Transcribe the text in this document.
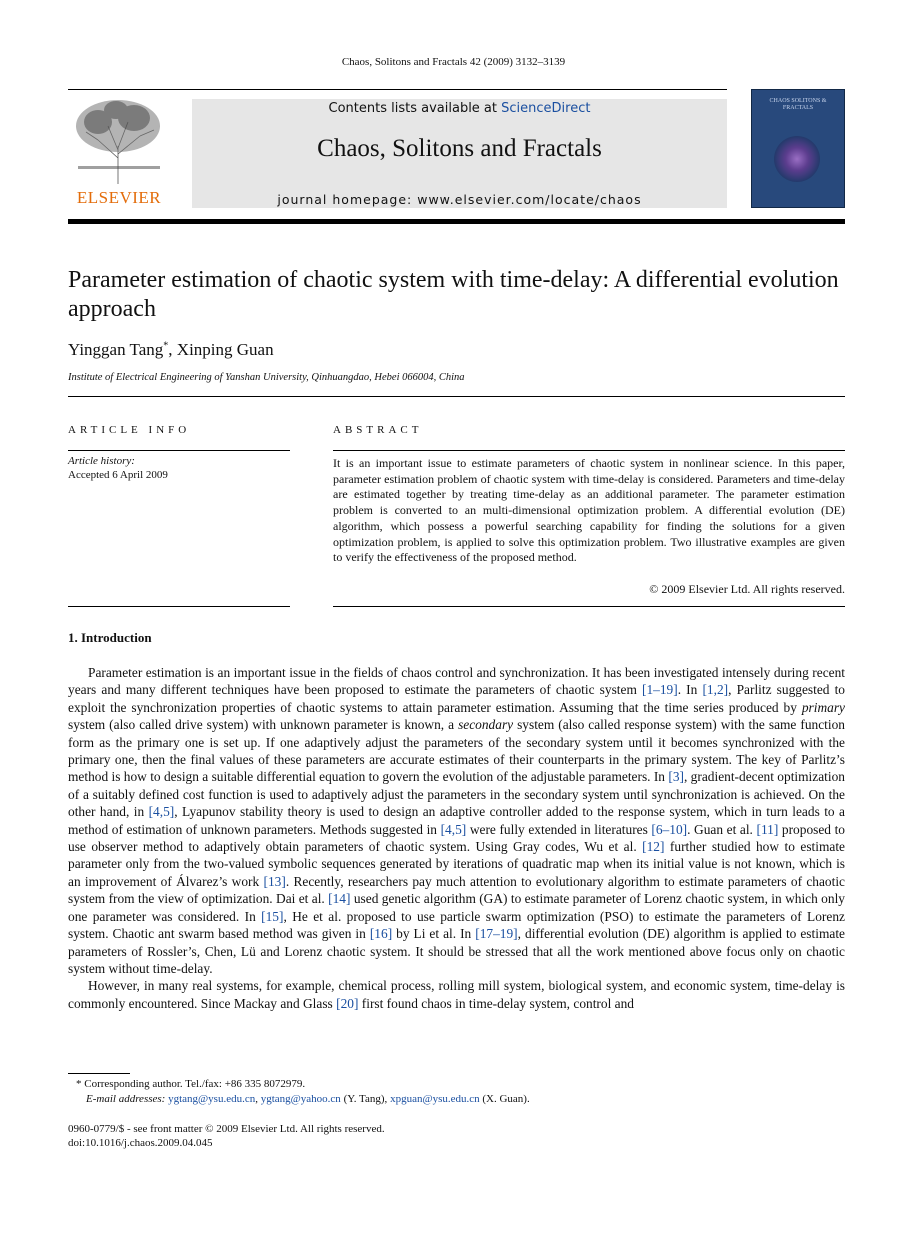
Chaos, Solitons and Fractals 42 (2009) 3132–3139
ELSEVIER
Contents lists available at ScienceDirect
Chaos, Solitons and Fractals
journal homepage: www.elsevier.com/locate/chaos
CHAOS SOLITONS & FRACTALS
Parameter estimation of chaotic system with time-delay: A differential evolution approach
Yinggan Tang*, Xinping Guan
Institute of Electrical Engineering of Yanshan University, Qinhuangdao, Hebei 066004, China
ARTICLE INFO	ABSTRACT
Article history:
Accepted 6 April 2009
It is an important issue to estimate parameters of chaotic system in nonlinear science. In this paper, parameter estimation problem of chaotic system with time-delay is considered. Parameters and time-delay are estimated together by treating time-delay as an additional parameter. The parameter estimation problem is converted to an multi-dimensional optimization problem. A differential evolution (DE) algorithm, which possess a powerful searching capability for finding the solutions for a given optimization problem, is applied to solve this optimization problem. Two illustrative examples are given to verify the effectiveness of the proposed method.
© 2009 Elsevier Ltd. All rights reserved.
1. Introduction

Parameter estimation is an important issue in the fields of chaos control and synchronization. It has been investigated intensely during recent years and many different techniques have been proposed to estimate the parameters of chaotic system [1–19]. In [1,2], Parlitz suggested to exploit the synchronization properties of chaotic systems to attain parameter estimation. Assuming that the time series produced by primary system (also called drive system) with unknown parameter is known, a secondary system (also called response system) with the same function form as the primary one is set up. If one adaptively adjust the parameters of the secondary system until it becomes synchronized with the primary one, then the final values of these parameters are accurate estimates of their counterparts in the primary system. The key of Parlitz’s method is how to design a suitable differential equation to govern the evolution of the adjustable parameters. In [3], gradient-decent optimization of a suitably defined cost function is used to adaptively adjust the parameters in the secondary system until synchronization is achieved. On the other hand, in [4,5], Lyapunov stability theory is used to design an adaptive controller added to the response system, which in turn leads to a method of estimation of unknown parameters. Methods suggested in [4,5] were fully extended in literatures [6–10]. Guan et al. [11] proposed to use observer method to adaptively obtain parameters of chaotic system. Using Gray codes, Wu et al. [12] further studied how to estimate parameter only from the two-valued symbolic sequences generated by iterations of quadratic map when its initial value is not known, which is an improvement of Álvarez’s work [13]. Recently, researchers pay much attention to evolutionary algorithm to estimate parameters of chaotic system from the view of optimization. Dai et al. [14] used genetic algorithm (GA) to estimate parameter of Lorenz chaotic system, in which only one parameter was considered. In [15], He et al. proposed to use particle swarm optimization (PSO) to estimate the parameters of Lorenz system. Chaotic ant swarm based method was given in [16] by Li et al. In [17–19], differential evolution (DE) algorithm is applied to estimate parameters of Rossler’s, Chen, Lü and Lorenz chaotic system. It should be stressed that all the work mentioned above focus only on chaotic system without time-delay.

However, in many real systems, for example, chemical process, rolling mill system, biological system, and economic system, time-delay is commonly encountered. Since Mackay and Glass [20] first found chaos in time-delay system, control and

* Corresponding author. Tel./fax: +86 335 8072979.
E-mail addresses: ygtang@ysu.edu.cn, ygtang@yahoo.cn (Y. Tang), xpguan@ysu.edu.cn (X. Guan).
0960-0779/$ - see front matter © 2009 Elsevier Ltd. All rights reserved.
doi:10.1016/j.chaos.2009.04.045
